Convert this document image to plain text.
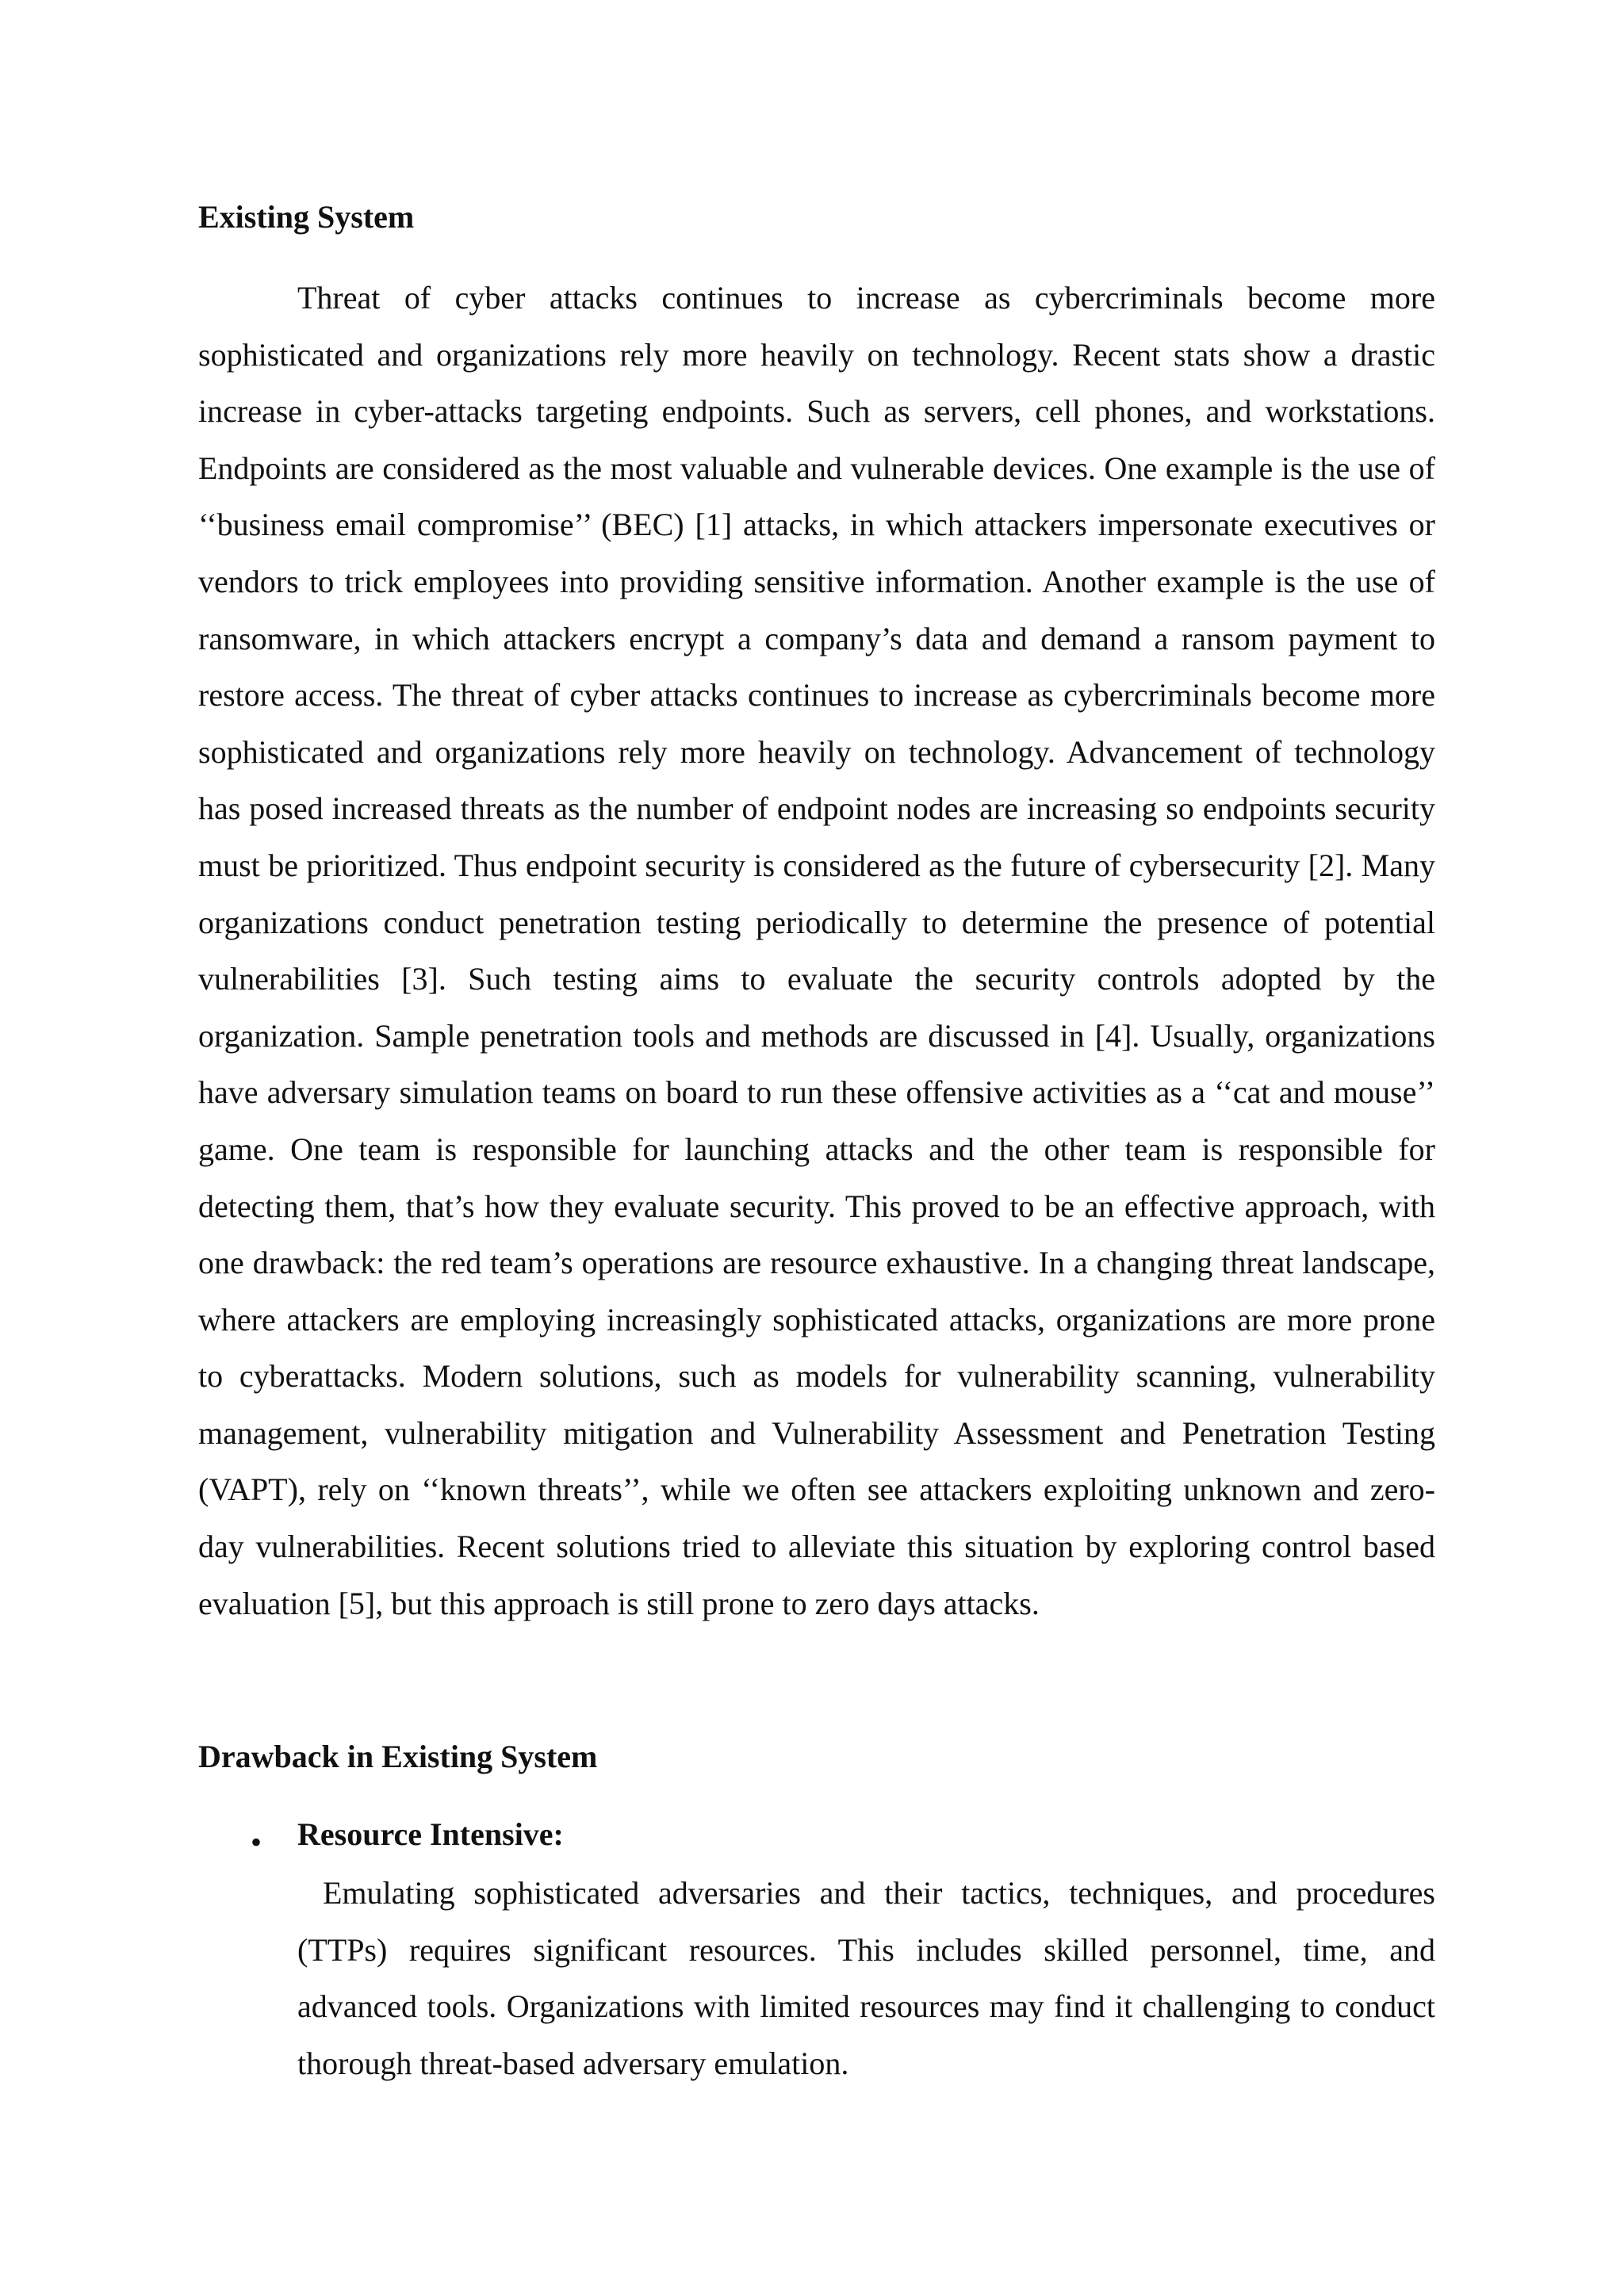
Existing System

Threat of cyber attacks continues to increase as cybercriminals become more sophisticated and organizations rely more heavily on technology. Recent stats show a drastic increase in cyber-attacks targeting endpoints. Such as servers, cell phones, and workstations. Endpoints are considered as the most valuable and vulnerable devices. One example is the use of ‘‘business email compromise’’ (BEC) [1] attacks, in which attackers impersonate executives or vendors to trick employees into providing sensitive information. Another example is the use of ransomware, in which attackers encrypt a company’s data and demand a ransom payment to restore access. The threat of cyber attacks continues to increase as cybercriminals become more sophisticated and organizations rely more heavily on technology. Advancement of technology has posed increased threats as the number of endpoint nodes are increasing so endpoints security must be prioritized. Thus endpoint security is considered as the future of cybersecurity [2]. Many organizations conduct penetration testing periodically to determine the presence of potential vulnerabilities [3]. Such testing aims to evaluate the security controls adopted by the organization. Sample penetration tools and methods are discussed in [4]. Usually, organizations have adversary simulation teams on board to run these offensive activities as a ‘‘cat and mouse’’ game. One team is responsible for launching attacks and the other team is responsible for detecting them, that’s how they evaluate security. This proved to be an effective approach, with one drawback: the red team’s operations are resource exhaustive. In a changing threat landscape, where attackers are employing increasingly sophisticated attacks, organizations are more prone to cyberattacks. Modern solutions, such as models for vulnerability scanning, vulnerability management, vulnerability mitigation and Vulnerability Assessment and Penetration Testing (VAPT), rely on ‘‘known threats’’, while we often see attackers exploiting unknown and zero-day vulnerabilities. Recent solutions tried to alleviate this situation by exploring control based evaluation [5], but this approach is still prone to zero days attacks.

Drawback in Existing System
• Resource Intensive:

Emulating sophisticated adversaries and their tactics, techniques, and procedures (TTPs) requires significant resources. This includes skilled personnel, time, and advanced tools. Organizations with limited resources may find it challenging to conduct thorough threat-based adversary emulation.
